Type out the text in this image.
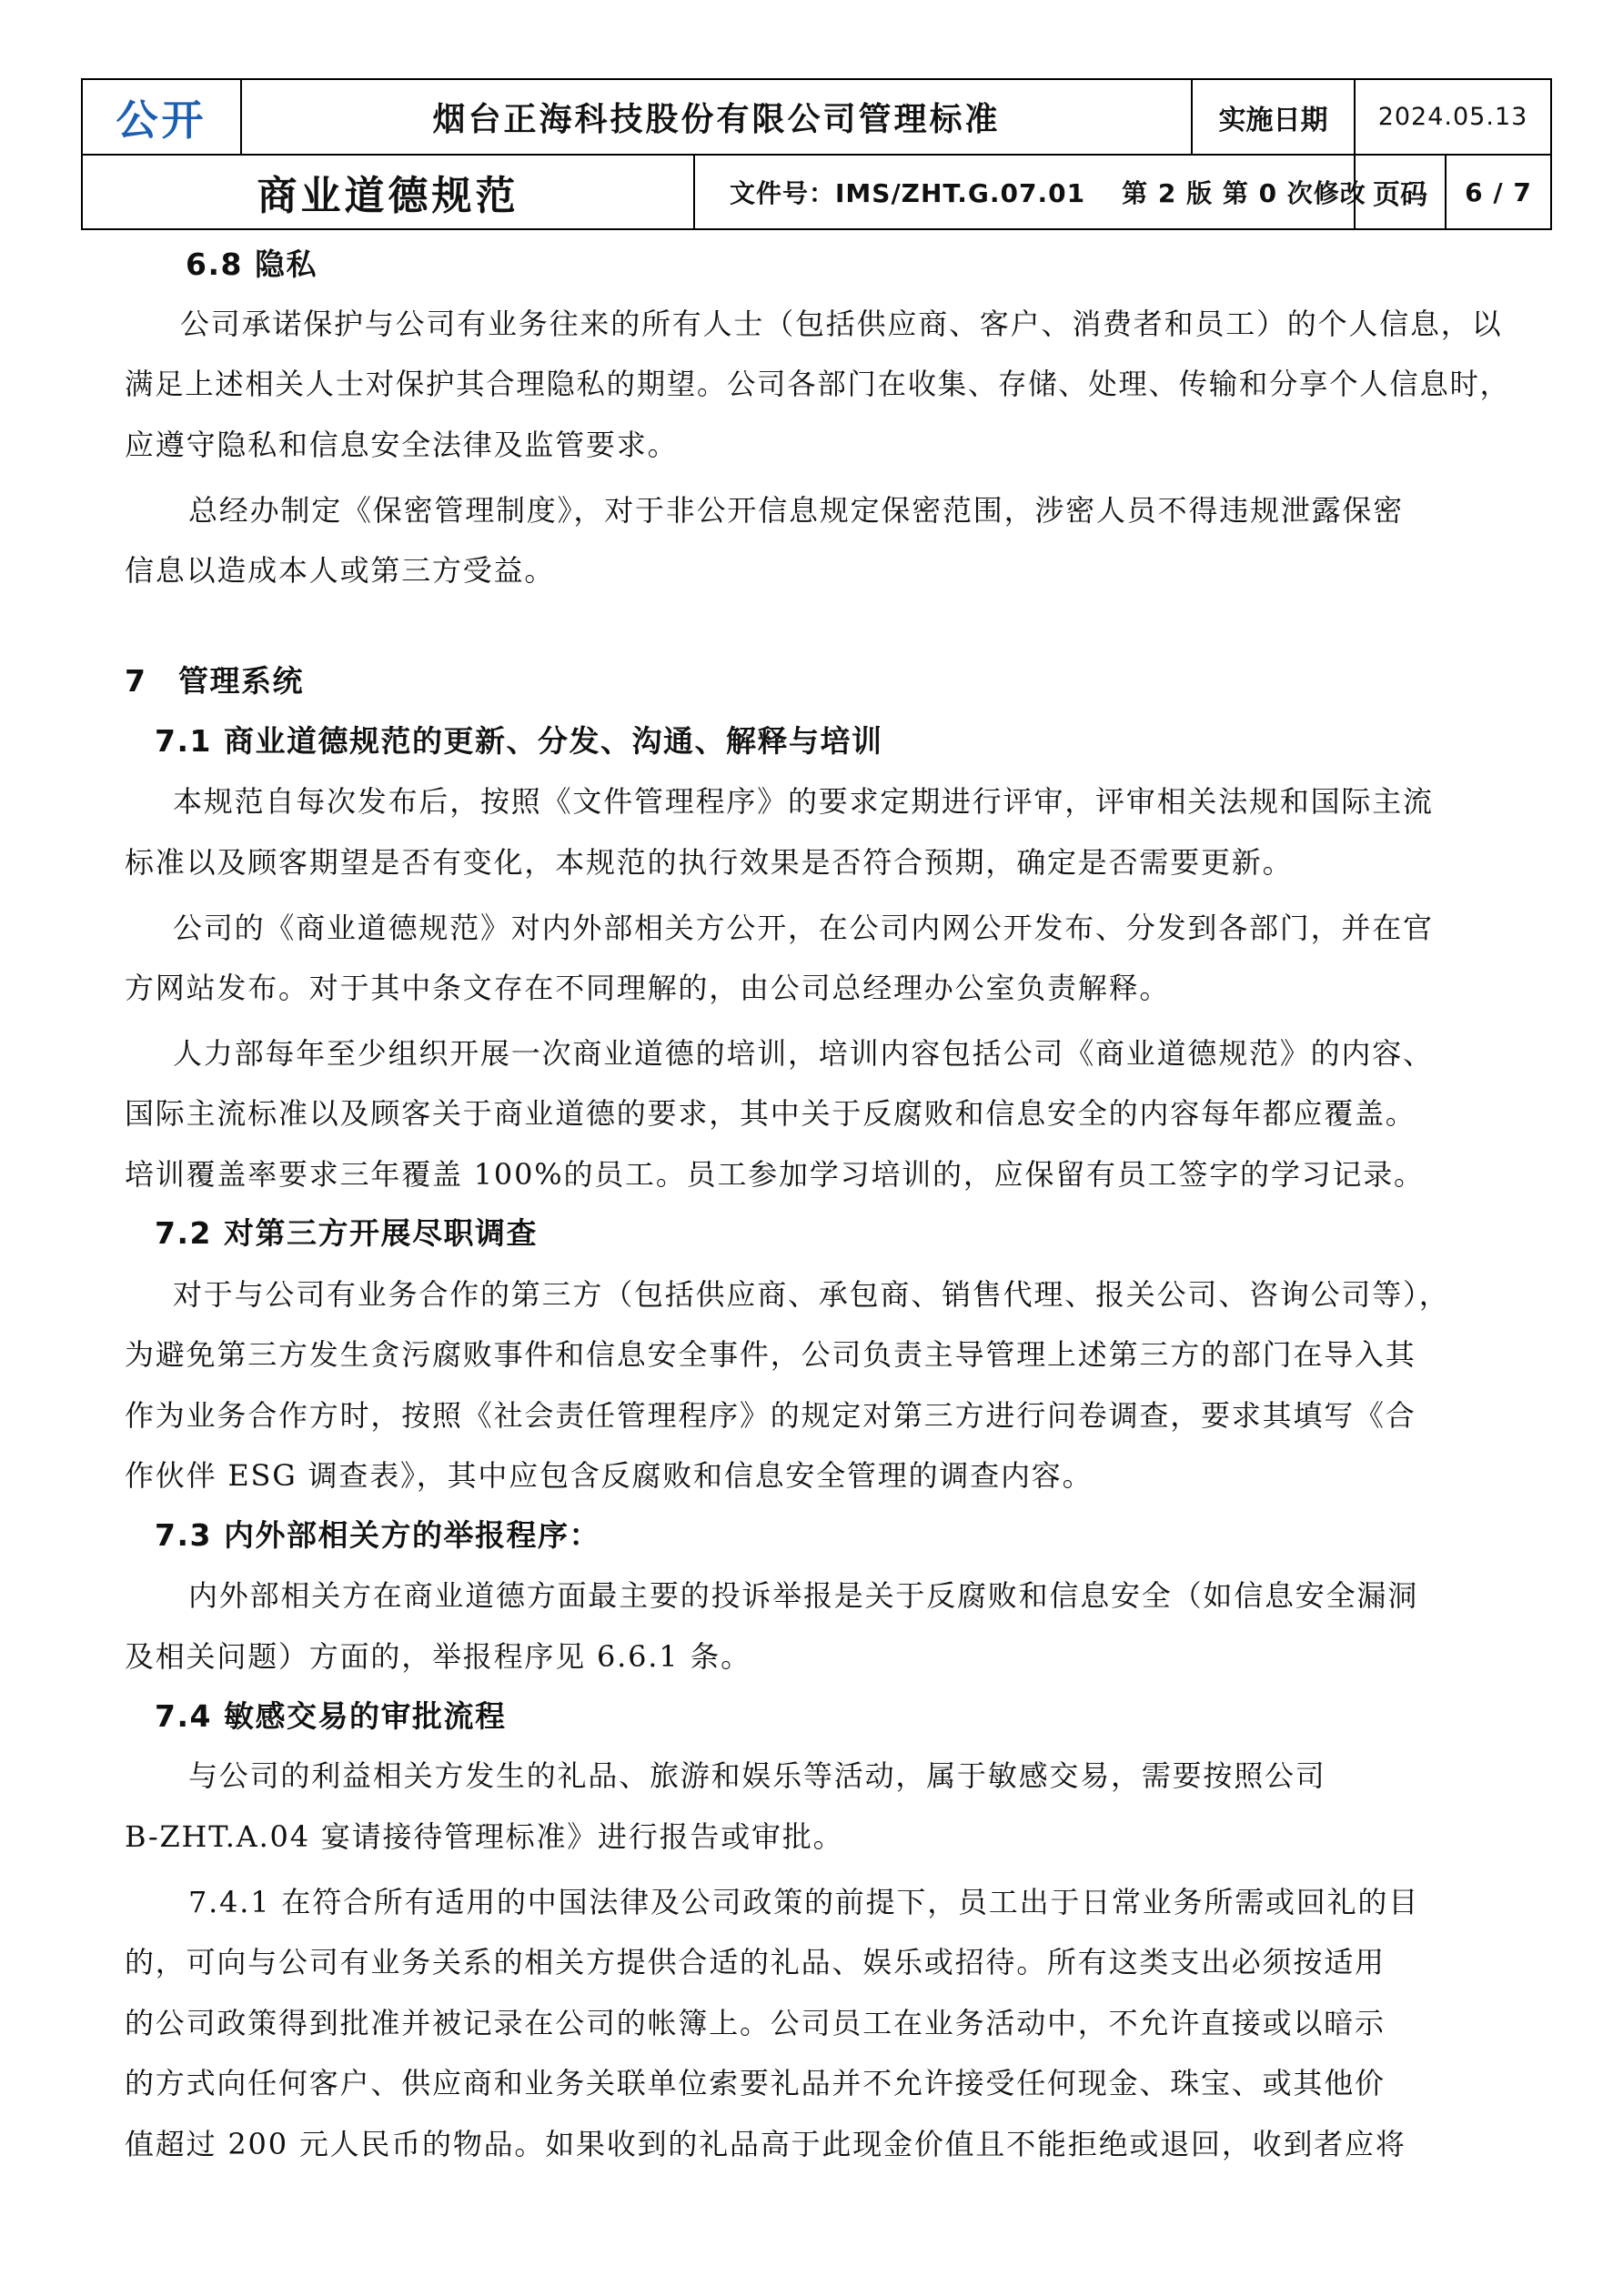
公开	烟台正海科技股份有限公司管理标准	实施日期	2024.05.13
商业道德规范	文件号：IMS/ZHT.G.07.01 第 2 版 第 0 次修改 页码	6 / 7
6.8 隐私
公司承诺保护与公司有业务往来的所有人士（包括供应商、客户、消费者和员工）的个人信息，以
满足上述相关人士对保护其合理隐私的期望。公司各部门在收集、存储、处理、传输和分享个人信息时，
应遵守隐私和信息安全法律及监管要求。
总经办制定《保密管理制度》，对于非公开信息规定保密范围，涉密人员不得违规泄露保密
信息以造成本人或第三方受益。
7　管理系统
7.1 商业道德规范的更新、分发、沟通、解释与培训
本规范自每次发布后，按照《文件管理程序》的要求定期进行评审，评审相关法规和国际主流
标准以及顾客期望是否有变化，本规范的执行效果是否符合预期，确定是否需要更新。
公司的《商业道德规范》对内外部相关方公开，在公司内网公开发布、分发到各部门，并在官
方网站发布。对于其中条文存在不同理解的，由公司总经理办公室负责解释。
人力部每年至少组织开展一次商业道德的培训，培训内容包括公司《商业道德规范》的内容、
国际主流标准以及顾客关于商业道德的要求，其中关于反腐败和信息安全的内容每年都应覆盖。
培训覆盖率要求三年覆盖 100%的员工。员工参加学习培训的，应保留有员工签字的学习记录。
7.2 对第三方开展尽职调查
对于与公司有业务合作的第三方（包括供应商、承包商、销售代理、报关公司、咨询公司等），
为避免第三方发生贪污腐败事件和信息安全事件，公司负责主导管理上述第三方的部门在导入其
作为业务合作方时，按照《社会责任管理程序》的规定对第三方进行问卷调查，要求其填写《合
作伙伴 ESG 调查表》，其中应包含反腐败和信息安全管理的调查内容。
7.3 内外部相关方的举报程序：
内外部相关方在商业道德方面最主要的投诉举报是关于反腐败和信息安全（如信息安全漏洞
及相关问题）方面的，举报程序见 6.6.1 条。
7.4 敏感交易的审批流程
与公司的利益相关方发生的礼品、旅游和娱乐等活动，属于敏感交易，需要按照公司
B-ZHT.A.04 宴请接待管理标准》进行报告或审批。
7.4.1 在符合所有适用的中国法律及公司政策的前提下，员工出于日常业务所需或回礼的目
的，可向与公司有业务关系的相关方提供合适的礼品、娱乐或招待。所有这类支出必须按适用
的公司政策得到批准并被记录在公司的帐簿上。公司员工在业务活动中，不允许直接或以暗示
的方式向任何客户、供应商和业务关联单位索要礼品并不允许接受任何现金、珠宝、或其他价
值超过 200 元人民币的物品。如果收到的礼品高于此现金价值且不能拒绝或退回，收到者应将
